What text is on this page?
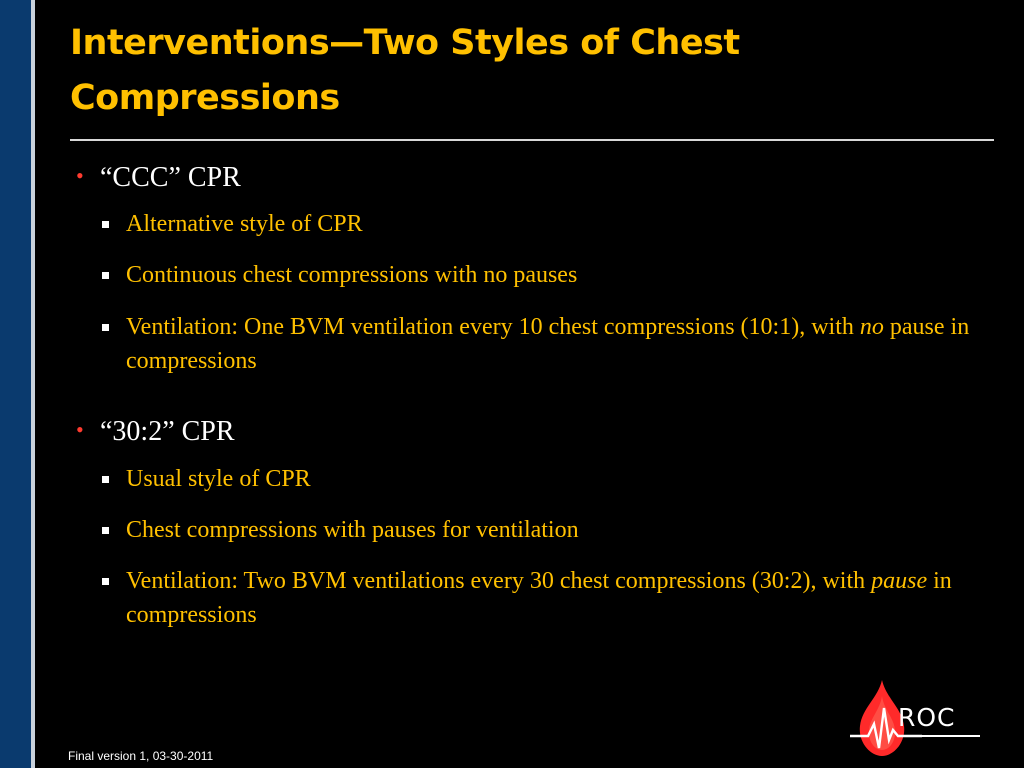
Interventions—Two Styles of Chest Compressions
• “CCC” CPR
Alternative style of CPR
Continuous chest compressions with no pauses
Ventilation: One BVM ventilation every 10 chest compressions (10:1), with no pause in compressions
• “30:2” CPR
Usual style of CPR
Chest compressions with pauses for ventilation
Ventilation: Two BVM ventilations every 30 chest compressions (30:2), with pause in compressions
Final version 1, 03-30-2011
ROC
